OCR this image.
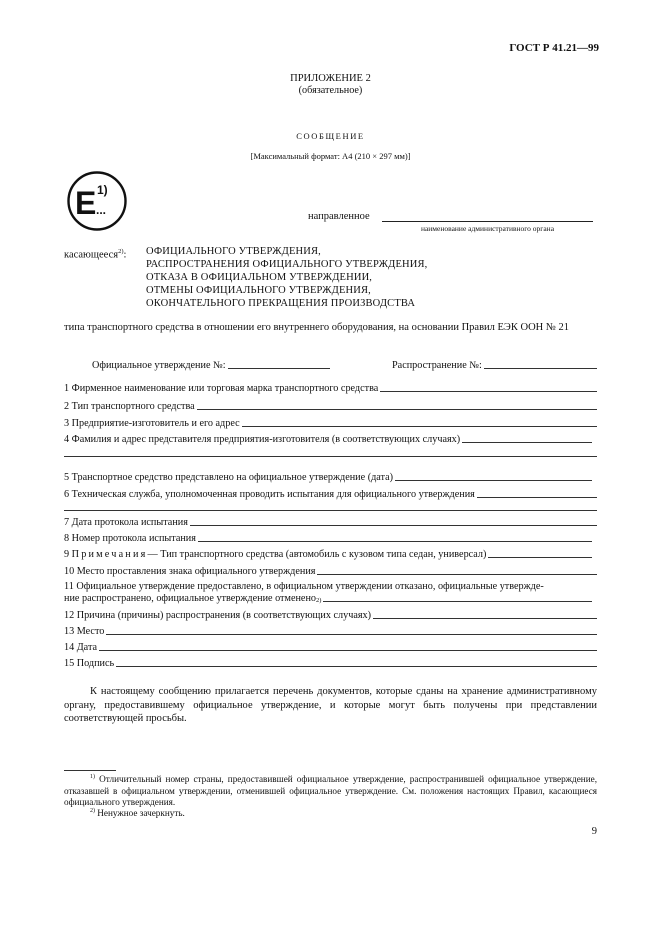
ГОСТ Р 41.21—99
ПРИЛОЖЕНИЕ 2
(обязательное)
СООБЩЕНИЕ
[Максимальный формат: А4 (210 × 297 мм)]
E 1)
...	направленное
наименование административного органа
касающееся$^{2)}$: ОФИЦИАЛЬНОГО УТВЕРЖДЕНИЯ,
РАСПРОСТРАНЕНИЯ ОФИЦИАЛЬНОГО УТВЕРЖДЕНИЯ,
ОТКАЗА В ОФИЦИАЛЬНОМ УТВЕРЖДЕНИИ,
ОТМЕНЫ ОФИЦИАЛЬНОГО УТВЕРЖДЕНИЯ,
ОКОНЧАТЕЛЬНОГО ПРЕКРАЩЕНИЯ ПРОИЗВОДСТВА
типа транспортного средства в отношении его внутреннего оборудования, на основании Правил ЕЭК ООН № 21
Официальное утверждение №:	Распространение №:
1
Фирменное наименование или торговая марка транспортного средства
2
Тип транспортного средства
3
Предприятие-изготовитель и его адрес
4
Фамилия и адрес представителя предприятия-изготовителя (в соответствующих случаях)
5
Транспортное средство представлено на официальное утверждение (дата)
6
Техническая служба, уполномоченная проводить испытания для официального утверждения
7
Дата протокола испытания
8
Номер протокола испытания
9
Примечания — Тип транспортного средства (автомобиль с кузовом типа седан, универсал)
10
Место проставления знака официального утверждения
11
Официальное утверждение предоставлено, в официальном утверждении отказано, официальные утвержде-
ние распространено, официальное утверждение отменено 2)
12
Причина (причины) распространения (в соответствующих случаях)
13
Место
14
Дата
15
Подпись
К настоящему сообщению прилагается перечень документов, которые сданы на хранение административному органу, предоставившему официальное утверждение, и которые могут быть получены при представлении соответствующей просьбы.
$^{1)}$ Отличительный номер страны, предоставившей официальное утверждение, распространившей официальное утверждение, отказавшей в официальном утверждении, отменившей официальное утверждение. См. положения настоящих Правил, касающиеся официального утверждения.
$^{2)}$ Ненужное зачеркнуть.
9
